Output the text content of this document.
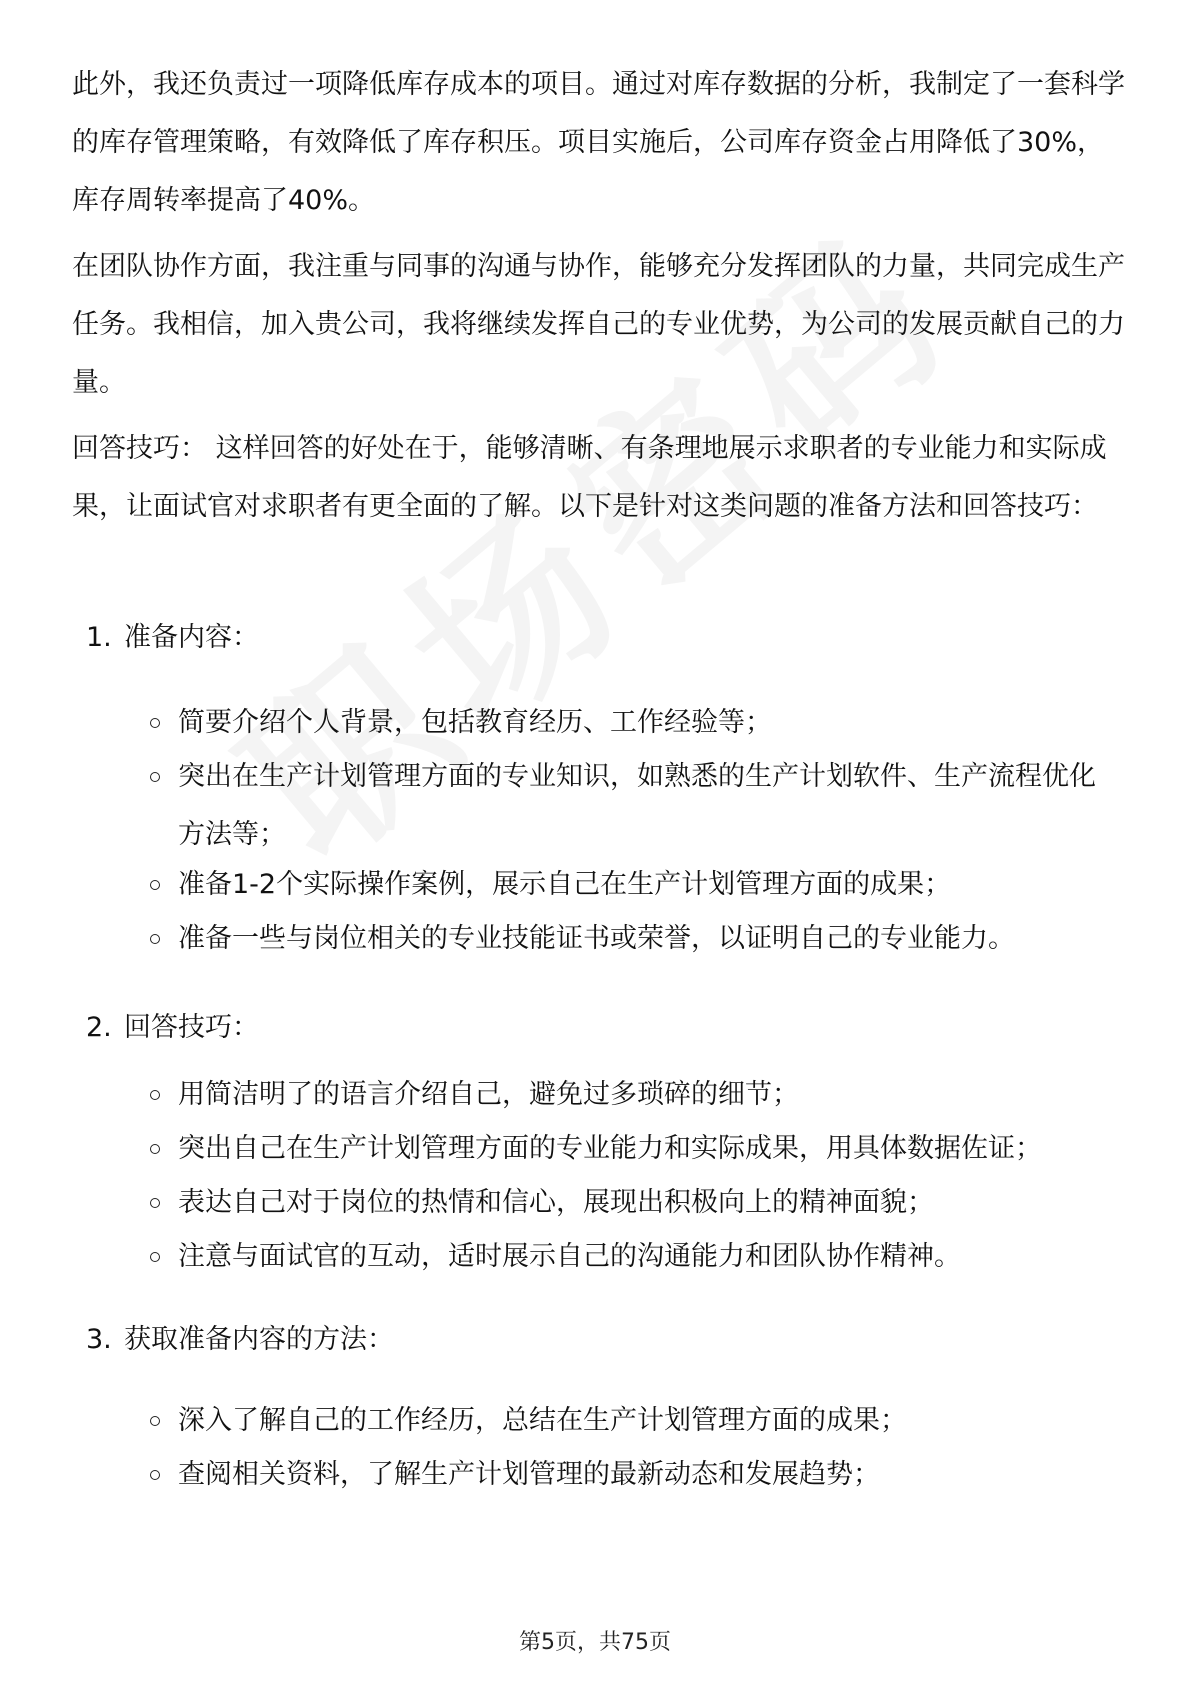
此外，我还负责过一项降低库存成本的项目。通过对库存数据的分析，我制定了一套科学的库存管理策略，有效降低了库存积压。项目实施后，公司库存资金占用降低了30%，库存周转率提高了40%。

在团队协作方面，我注重与同事的沟通与协作，能够充分发挥团队的力量，共同完成生产任务。我相信，加入贵公司，我将继续发挥自己的专业优势，为公司的发展贡献自己的力量。

回答技巧： 这样回答的好处在于，能够清晰、有条理地展示求职者的专业能力和实际成果，让面试官对求职者有更全面的了解。以下是针对这类问题的准备方法和回答技巧：

1. 准备内容：
简要介绍个人背景，包括教育经历、工作经验等；
突出在生产计划管理方面的专业知识，如熟悉的生产计划软件、生产流程优化方法等；
准备1-2个实际操作案例，展示自己在生产计划管理方面的成果；
准备一些与岗位相关的专业技能证书或荣誉，以证明自己的专业能力。
2. 回答技巧：
用简洁明了的语言介绍自己，避免过多琐碎的细节；
突出自己在生产计划管理方面的专业能力和实际成果，用具体数据佐证；
表达自己对于岗位的热情和信心，展现出积极向上的精神面貌；
注意与面试官的互动，适时展示自己的沟通能力和团队协作精神。
3. 获取准备内容的方法：
深入了解自己的工作经历，总结在生产计划管理方面的成果；
查阅相关资料，了解生产计划管理的最新动态和发展趋势；
第5页，共75页
